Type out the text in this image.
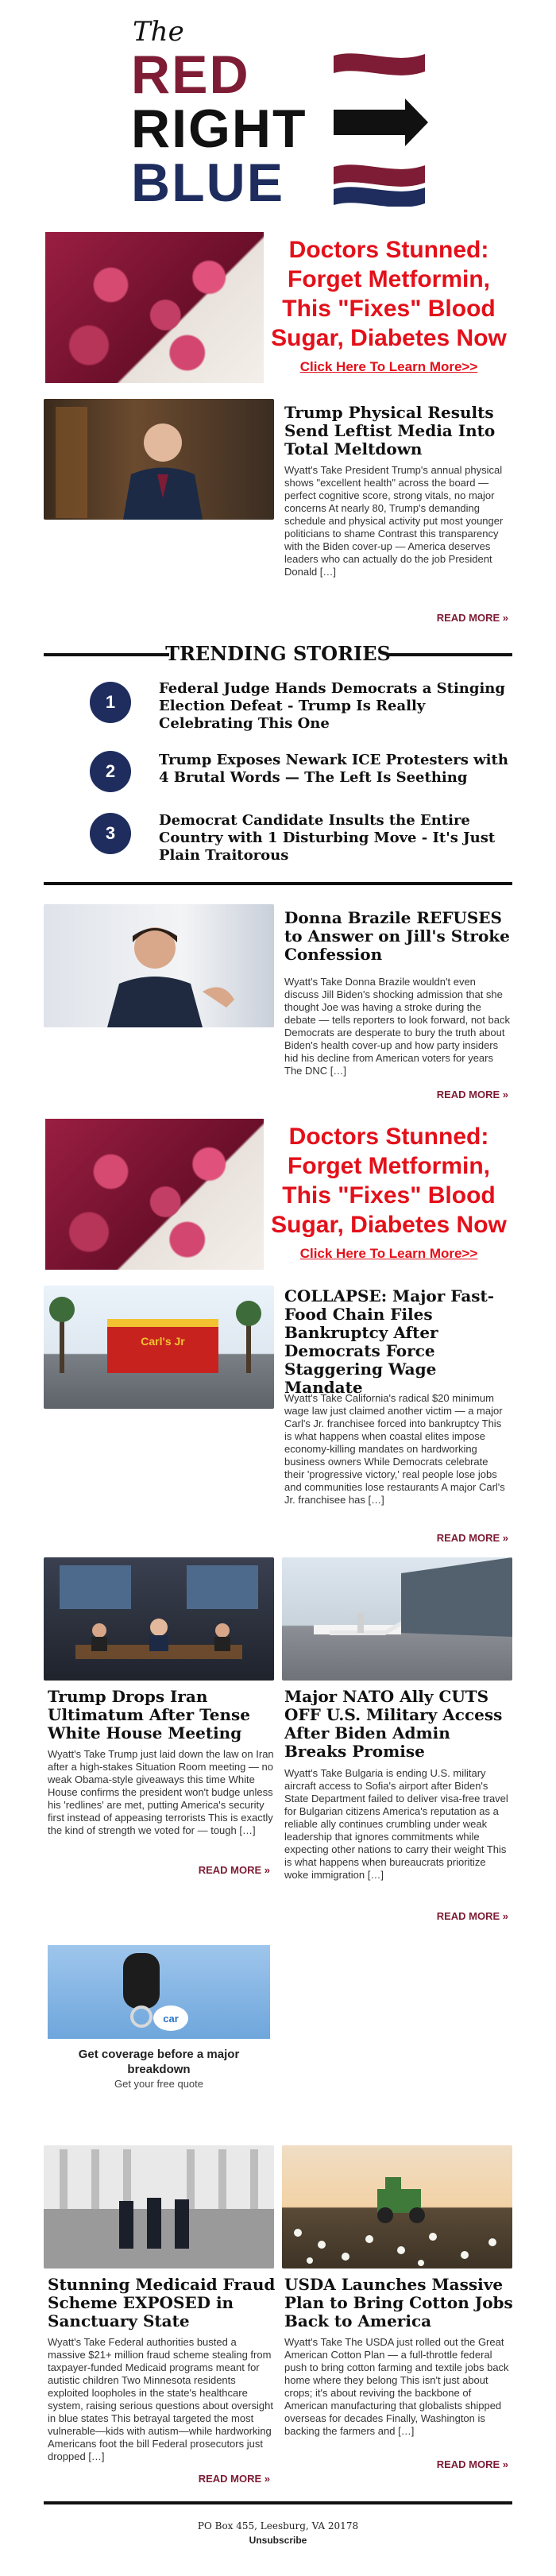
The
RED
RIGHT
BLUE
Doctors Stunned: Forget Metformin, This "Fixes" Blood Sugar, Diabetes Now
Click Here To Learn More>>
Trump Physical Results Send Leftist Media Into Total Meltdown
Wyatt's Take President Trump's annual physical shows "excellent health" across the board — perfect cognitive score, strong vitals, no major concerns At nearly 80, Trump's demanding schedule and physical activity put most younger politicians to shame Contrast this transparency with the Biden cover-up — America deserves leaders who can actually do the job President Donald […]
READ MORE »
TRENDING STORIES
1
Federal Judge Hands Democrats a Stinging Election Defeat - Trump Is Really Celebrating This One
2
Trump Exposes Newark ICE Protesters with 4 Brutal Words — The Left Is Seething
3
Democrat Candidate Insults the Entire Country with 1 Disturbing Move - It's Just Plain Traitorous
Donna Brazile REFUSES to Answer on Jill's Stroke Confession
Wyatt's Take Donna Brazile wouldn't even discuss Jill Biden's shocking admission that she thought Joe was having a stroke during the debate — tells reporters to look forward, not back Democrats are desperate to bury the truth about Biden's health cover-up and how party insiders hid his decline from American voters for years The DNC […]
READ MORE »
Doctors Stunned: Forget Metformin, This "Fixes" Blood Sugar, Diabetes Now
Click Here To Learn More>>
Carl's Jr
COLLAPSE: Major Fast-Food Chain Files Bankruptcy After Democrats Force Staggering Wage Mandate
Wyatt's Take California's radical $20 minimum wage law just claimed another victim — a major Carl's Jr. franchisee forced into bankruptcy This is what happens when coastal elites impose economy-killing mandates on hardworking business owners While Democrats celebrate their 'progressive victory,' real people lose jobs and communities lose restaurants A major Carl's Jr. franchisee has […]
READ MORE »
Trump Drops Iran Ultimatum After Tense White House Meeting
Wyatt's Take Trump just laid down the law on Iran after a high-stakes Situation Room meeting — no weak Obama-style giveaways this time White House confirms the president won't budge unless his 'redlines' are met, putting America's security first instead of appeasing terrorists This is exactly the kind of strength we voted for — tough […]
READ MORE »
Major NATO Ally CUTS OFF U.S. Military Access After Biden Admin Breaks Promise
Wyatt's Take Bulgaria is ending U.S. military aircraft access to Sofia's airport after Biden's State Department failed to deliver visa-free travel for Bulgarian citizens America's reputation as a reliable ally continues crumbling under weak leadership that ignores commitments while expecting other nations to carry their weight This is what happens when bureaucrats prioritize woke immigration […]
READ MORE »
car
Get coverage before a major breakdown
Get your free quote
Stunning Medicaid Fraud Scheme EXPOSED in Sanctuary State
Wyatt's Take Federal authorities busted a massive $21+ million fraud scheme stealing from taxpayer-funded Medicaid programs meant for autistic children Two Minnesota residents exploited loopholes in the state's healthcare system, raising serious questions about oversight in blue states This betrayal targeted the most vulnerable—kids with autism—while hardworking Americans foot the bill Federal prosecutors just dropped […]
READ MORE »
USDA Launches Massive Plan to Bring Cotton Jobs Back to America
Wyatt's Take The USDA just rolled out the Great American Cotton Plan — a full-throttle federal push to bring cotton farming and textile jobs back home where they belong This isn't just about crops; it's about reviving the backbone of American manufacturing that globalists shipped overseas for decades Finally, Washington is backing the farmers and […]
READ MORE »
PO Box 455, Leesburg, VA 20178
Unsubscribe
